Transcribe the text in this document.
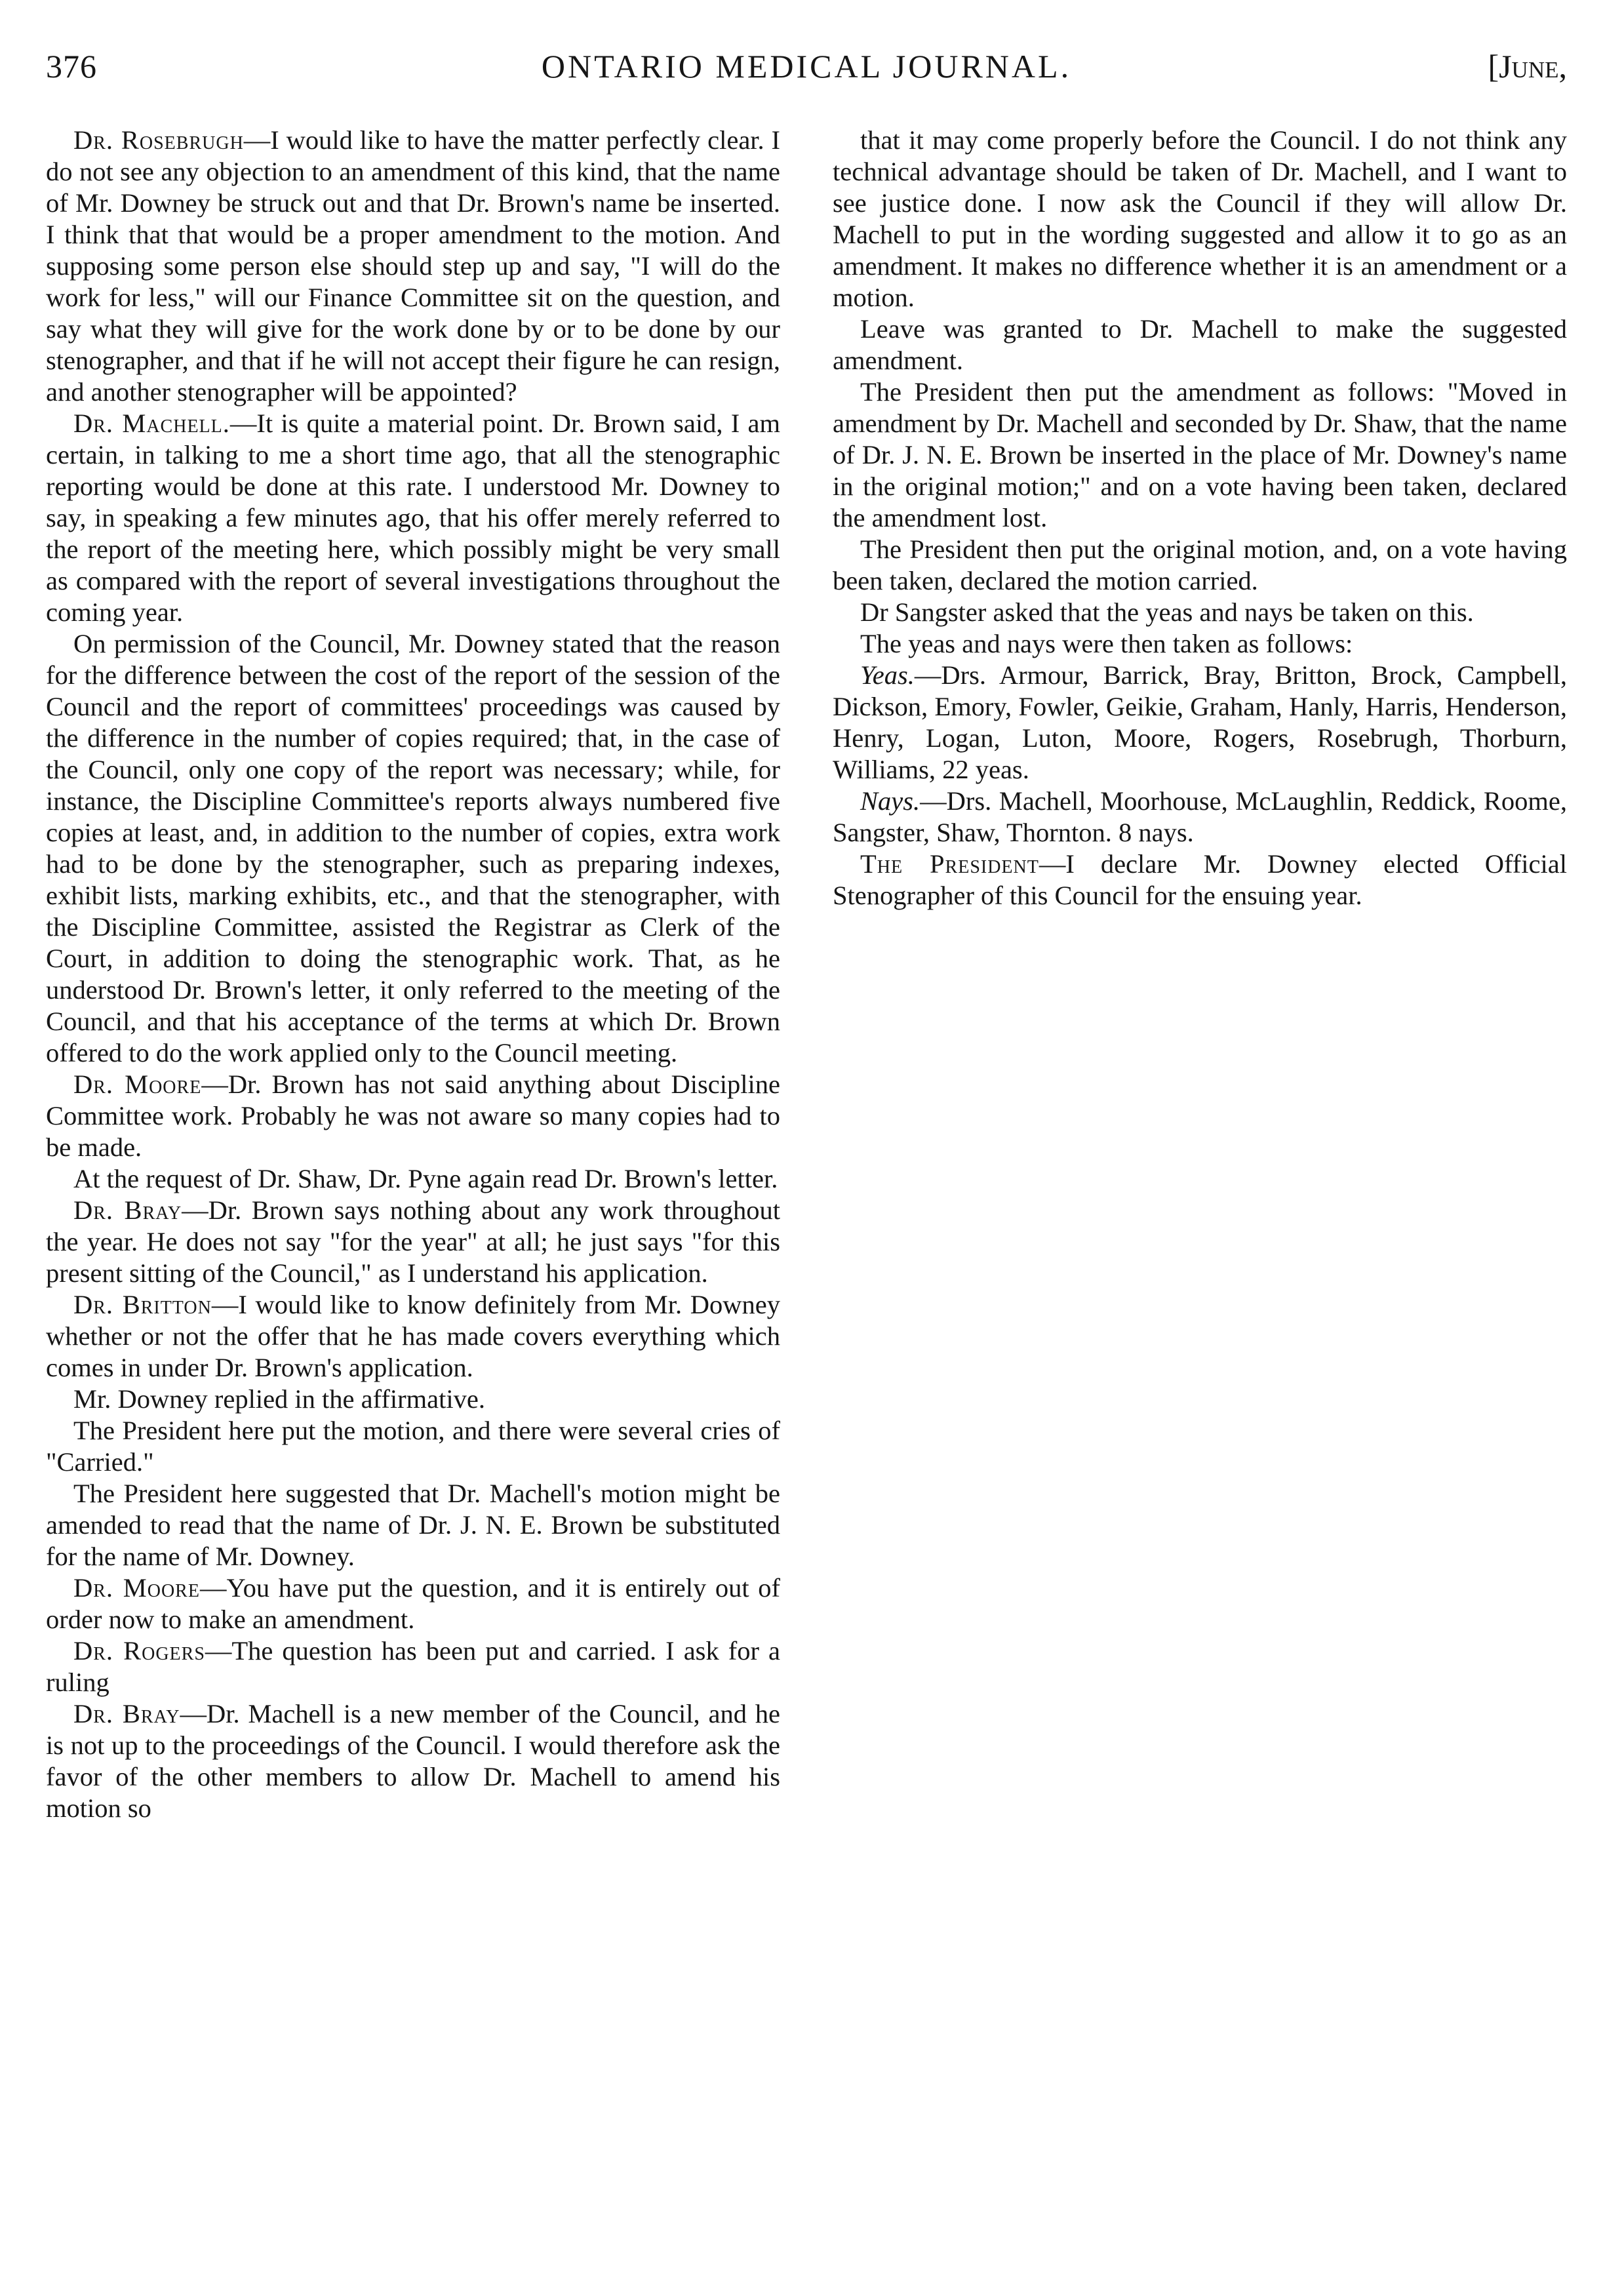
376	ONTARIO MEDICAL JOURNAL.	[June,

Dr. Rosebrugh—I would like to have the matter perfectly clear. I do not see any objection to an amendment of this kind, that the name of Mr. Downey be struck out and that Dr. Brown's name be inserted. I think that that would be a proper amendment to the motion. And supposing some person else should step up and say, "I will do the work for less," will our Finance Committee sit on the question, and say what they will give for the work done by or to be done by our stenographer, and that if he will not accept their figure he can resign, and another stenographer will be appointed?

Dr. Machell.—It is quite a material point. Dr. Brown said, I am certain, in talking to me a short time ago, that all the stenographic reporting would be done at this rate. I understood Mr. Downey to say, in speaking a few minutes ago, that his offer merely referred to the report of the meeting here, which possibly might be very small as compared with the report of several investigations throughout the coming year.

On permission of the Council, Mr. Downey stated that the reason for the difference between the cost of the report of the session of the Council and the report of committees' proceedings was caused by the difference in the number of copies required; that, in the case of the Council, only one copy of the report was necessary; while, for instance, the Discipline Committee's reports always numbered five copies at least, and, in addition to the number of copies, extra work had to be done by the stenographer, such as preparing indexes, exhibit lists, marking exhibits, etc., and that the stenographer, with the Discipline Committee, assisted the Registrar as Clerk of the Court, in addition to doing the stenographic work. That, as he understood Dr. Brown's letter, it only referred to the meeting of the Council, and that his acceptance of the terms at which Dr. Brown offered to do the work applied only to the Council meeting.

Dr. Moore—Dr. Brown has not said anything about Discipline Committee work. Probably he was not aware so many copies had to be made.

At the request of Dr. Shaw, Dr. Pyne again read Dr. Brown's letter.

Dr. Bray—Dr. Brown says nothing about any work throughout the year. He does not say "for the year" at all; he just says "for this present sitting of the Council," as I understand his application.

Dr. Britton—I would like to know definitely from Mr. Downey whether or not the offer that he has made covers everything which comes in under Dr. Brown's application.

Mr. Downey replied in the affirmative.

The President here put the motion, and there were several cries of "Carried."

The President here suggested that Dr. Machell's motion might be amended to read that the name of Dr. J. N. E. Brown be substituted for the name of Mr. Downey.

Dr. Moore—You have put the question, and it is entirely out of order now to make an amendment.

Dr. Rogers—The question has been put and carried. I ask for a ruling

Dr. Bray—Dr. Machell is a new member of the Council, and he is not up to the proceedings of the Council. I would therefore ask the favor of the other members to allow Dr. Machell to amend his motion so

that it may come properly before the Council. I do not think any technical advantage should be taken of Dr. Machell, and I want to see justice done. I now ask the Council if they will allow Dr. Machell to put in the wording suggested and allow it to go as an amendment. It makes no difference whether it is an amendment or a motion.

Leave was granted to Dr. Machell to make the suggested amendment.

The President then put the amendment as follows: "Moved in amendment by Dr. Machell and seconded by Dr. Shaw, that the name of Dr. J. N. E. Brown be inserted in the place of Mr. Downey's name in the original motion;" and on a vote having been taken, declared the amendment lost.

The President then put the original motion, and, on a vote having been taken, declared the motion carried.

Dr Sangster asked that the yeas and nays be taken on this.

The yeas and nays were then taken as follows:

Yeas.—Drs. Armour, Barrick, Bray, Britton, Brock, Campbell, Dickson, Emory, Fowler, Geikie, Graham, Hanly, Harris, Henderson, Henry, Logan, Luton, Moore, Rogers, Rosebrugh, Thorburn, Williams, 22 yeas.

Nays.—Drs. Machell, Moorhouse, McLaughlin, Reddick, Roome, Sangster, Shaw, Thornton. 8 nays.

The President—I declare Mr. Downey elected Official Stenographer of this Council for the ensuing year.
